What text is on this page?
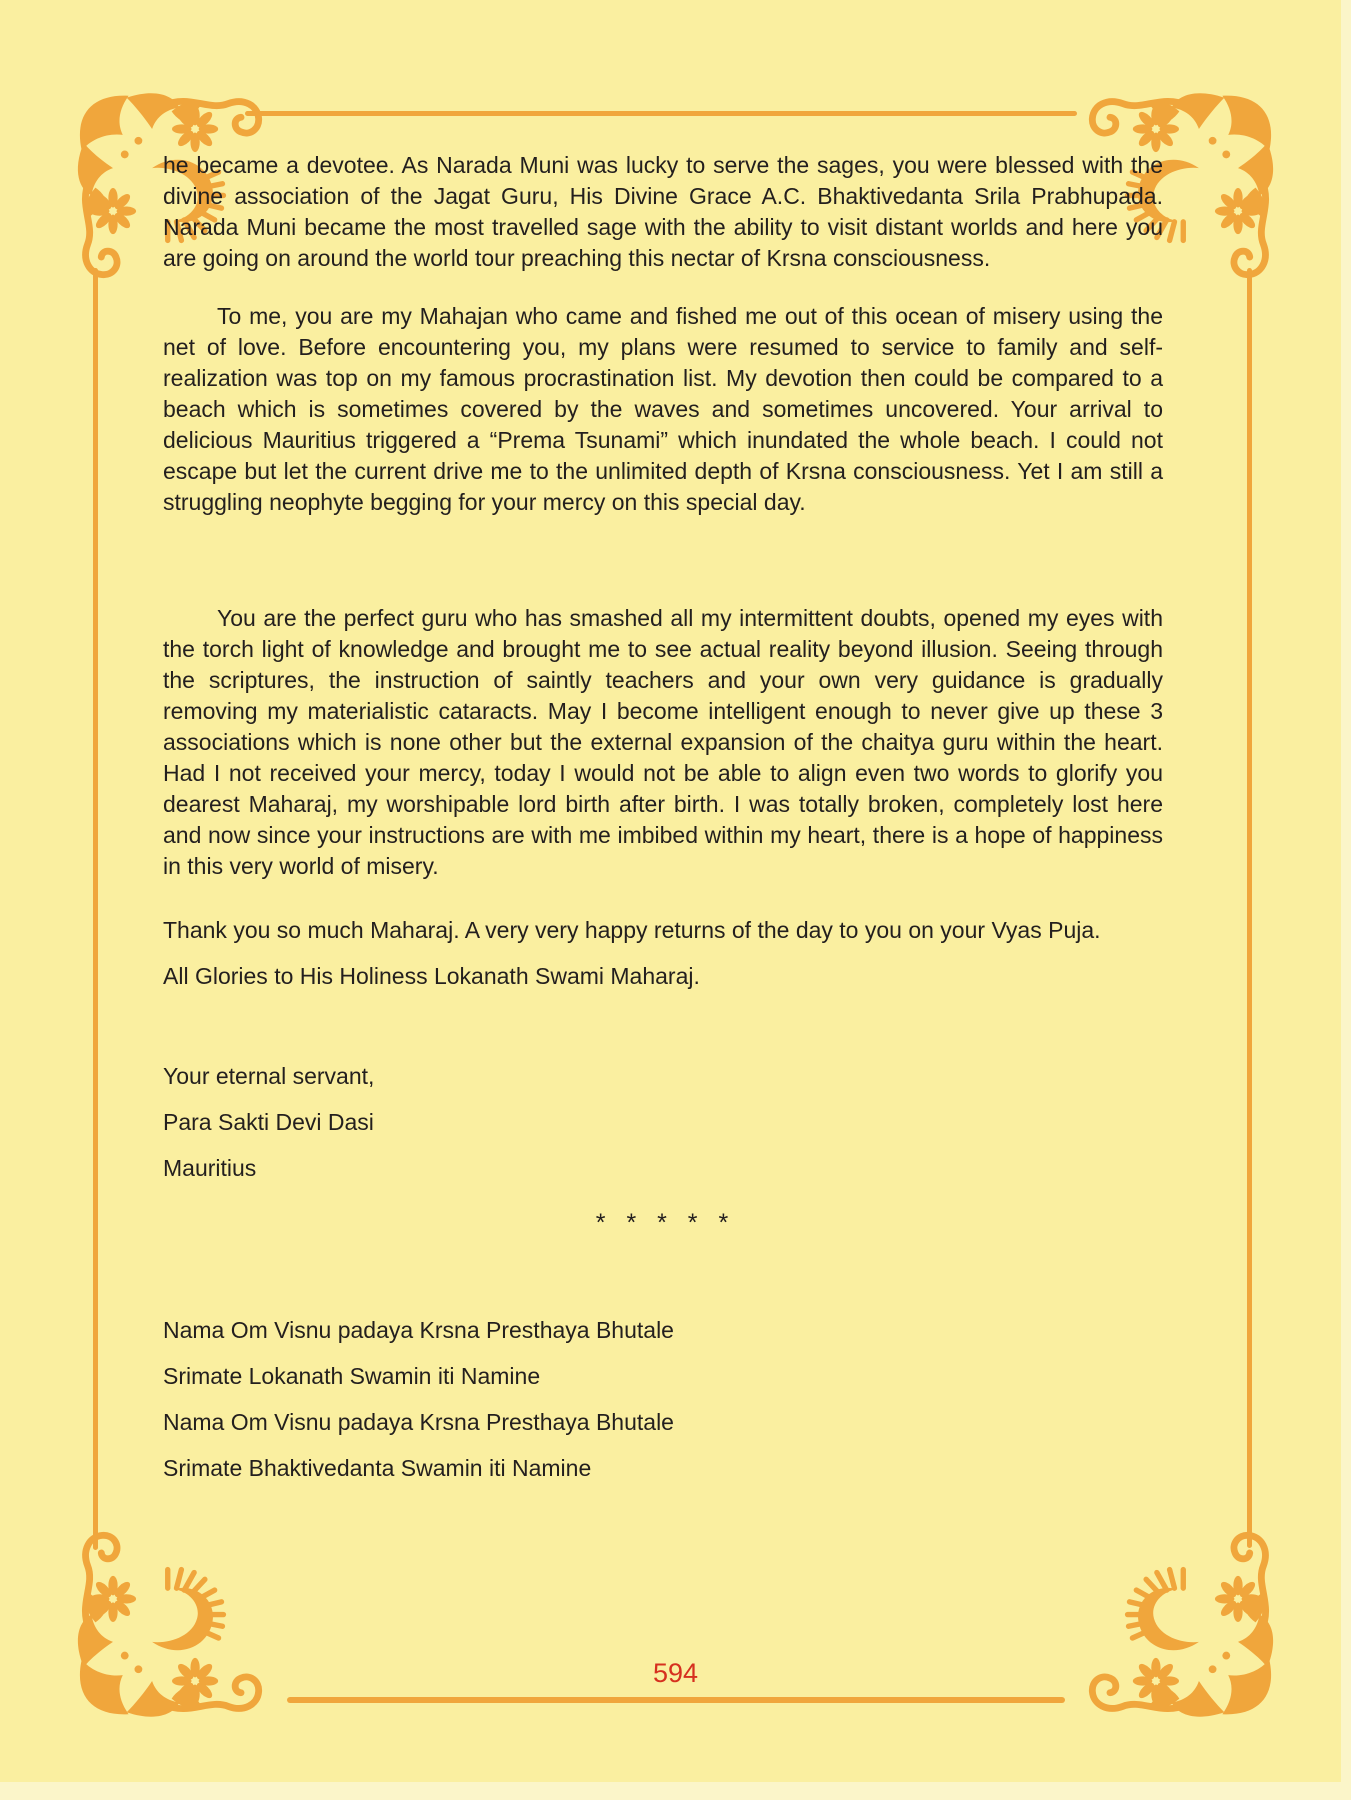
he became a devotee. As Narada Muni was lucky to serve the sages, you were blessed with the divine association of the Jagat Guru, His Divine Grace A.C. Bhaktivedanta Srila Prabhupada. Narada Muni became the most travelled sage with the ability to visit distant worlds and here you are going on around the world tour preaching this nectar of Krsna consciousness.

To me, you are my Mahajan who came and fished me out of this ocean of misery using the net of love. Before encountering you, my plans were resumed to service to family and self-realization was top on my famous procrastination list. My devotion then could be compared to a beach which is sometimes covered by the waves and sometimes uncovered. Your arrival to delicious Mauritius triggered a “Prema Tsunami” which inundated the whole beach. I could not escape but let the current drive me to the unlimited depth of Krsna consciousness. Yet I am still a struggling neophyte begging for your mercy on this special day.

You are the perfect guru who has smashed all my intermittent doubts, opened my eyes with the torch light of knowledge and brought me to see actual reality beyond illusion. Seeing through the scriptures, the instruction of saintly teachers and your own very guidance is gradually removing my materialistic cataracts. May I become intelligent enough to never give up these 3 associations which is none other but the external expansion of the chaitya guru within the heart. Had I not received your mercy, today I would not be able to align even two words to glorify you dearest Maharaj, my worshipable lord birth after birth. I was totally broken, completely lost here and now since your instructions are with me imbibed within my heart, there is a hope of happiness in this very world of misery.

Thank you so much Maharaj. A very very happy returns of the day to you on your Vyas Puja.

All Glories to His Holiness Lokanath Swami Maharaj.

Your eternal servant,

Para Sakti Devi Dasi

Mauritius

* * * * *

Nama Om Visnu padaya Krsna Presthaya Bhutale

Srimate Lokanath Swamin iti Namine

Nama Om Visnu padaya Krsna Presthaya Bhutale

Srimate Bhaktivedanta Swamin iti Namine

594
